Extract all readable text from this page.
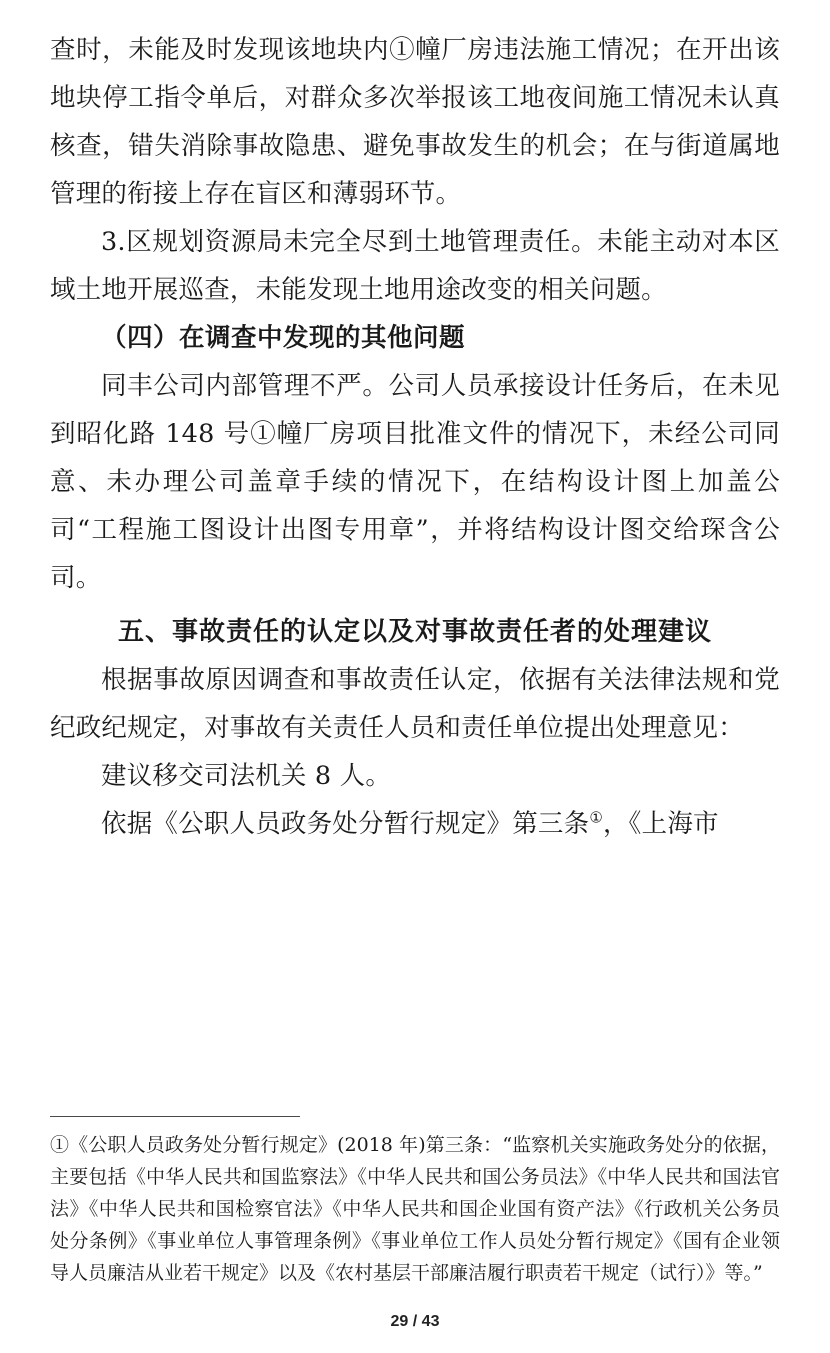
查时，未能及时发现该地块内①幢厂房违法施工情况；在开出该地块停工指令单后，对群众多次举报该工地夜间施工情况未认真核查，错失消除事故隐患、避免事故发生的机会；在与街道属地管理的衔接上存在盲区和薄弱环节。

3.区规划资源局未完全尽到土地管理责任。未能主动对本区域土地开展巡查，未能发现土地用途改变的相关问题。

（四）在调查中发现的其他问题

同丰公司内部管理不严。公司人员承接设计任务后，在未见到昭化路 148 号①幢厂房项目批准文件的情况下，未经公司同意、未办理公司盖章手续的情况下，在结构设计图上加盖公司“工程施工图设计出图专用章”，并将结构设计图交给琛含公司。

五、事故责任的认定以及对事故责任者的处理建议

根据事故原因调查和事故责任认定，依据有关法律法规和党纪政纪规定，对事故有关责任人员和责任单位提出处理意见：

建议移交司法机关 8 人。

依据《公职人员政务处分暂行规定》第三条①，《上海市

①《公职人员政务处分暂行规定》(2018 年)第三条：“监察机关实施政务处分的依据，主要包括《中华人民共和国监察法》《中华人民共和国公务员法》《中华人民共和国法官法》《中华人民共和国检察官法》《中华人民共和国企业国有资产法》《行政机关公务员处分条例》《事业单位人事管理条例》《事业单位工作人员处分暂行规定》《国有企业领导人员廉洁从业若干规定》以及《农村基层干部廉洁履行职责若干规定（试行）》等。”

29 / 43
